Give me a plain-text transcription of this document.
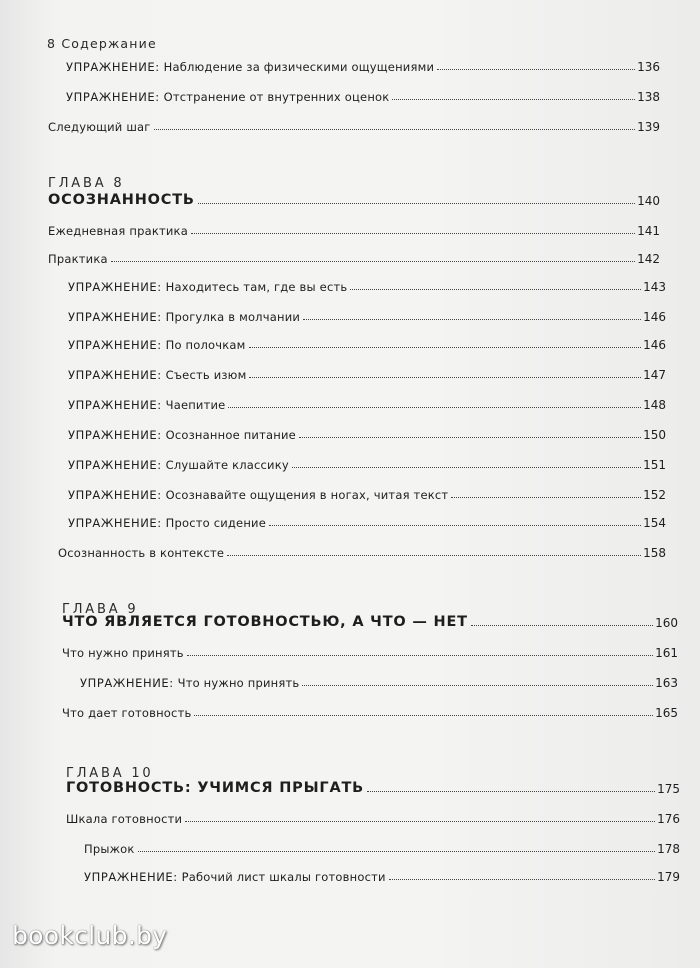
8 Содержание
УПРАЖНЕНИЕ: Наблюдение за физическими ощущениями	136
УПРАЖНЕНИЕ: Отстранение от внутренних оценок	138
Следующий шаг	139
ГЛАВА 8
ОСОЗНАННОСТЬ	140
Ежедневная практика	141
Практика	142
УПРАЖНЕНИЕ: Находитесь там, где вы есть	143
УПРАЖНЕНИЕ: Прогулка в молчании	146
УПРАЖНЕНИЕ: По полочкам	146
УПРАЖНЕНИЕ: Съесть изюм	147
УПРАЖНЕНИЕ: Чаепитие	148
УПРАЖНЕНИЕ: Осознанное питание	150
УПРАЖНЕНИЕ: Слушайте классику	151
УПРАЖНЕНИЕ: Осознавайте ощущения в ногах, читая текст	152
УПРАЖНЕНИЕ: Просто сидение	154
Осознанность в контексте	158
ГЛАВА 9
ЧТО ЯВЛЯЕТСЯ ГОТОВНОСТЬЮ, А ЧТО — НЕТ	160
Что нужно принять	161
УПРАЖНЕНИЕ: Что нужно принять	163
Что дает готовность	165
ГЛАВА 10
ГОТОВНОСТЬ: УЧИМСЯ ПРЫГАТЬ	175
Шкала готовности	176
Прыжок	178
УПРАЖНЕНИЕ: Рабочий лист шкалы готовности	179
bookclub.by
